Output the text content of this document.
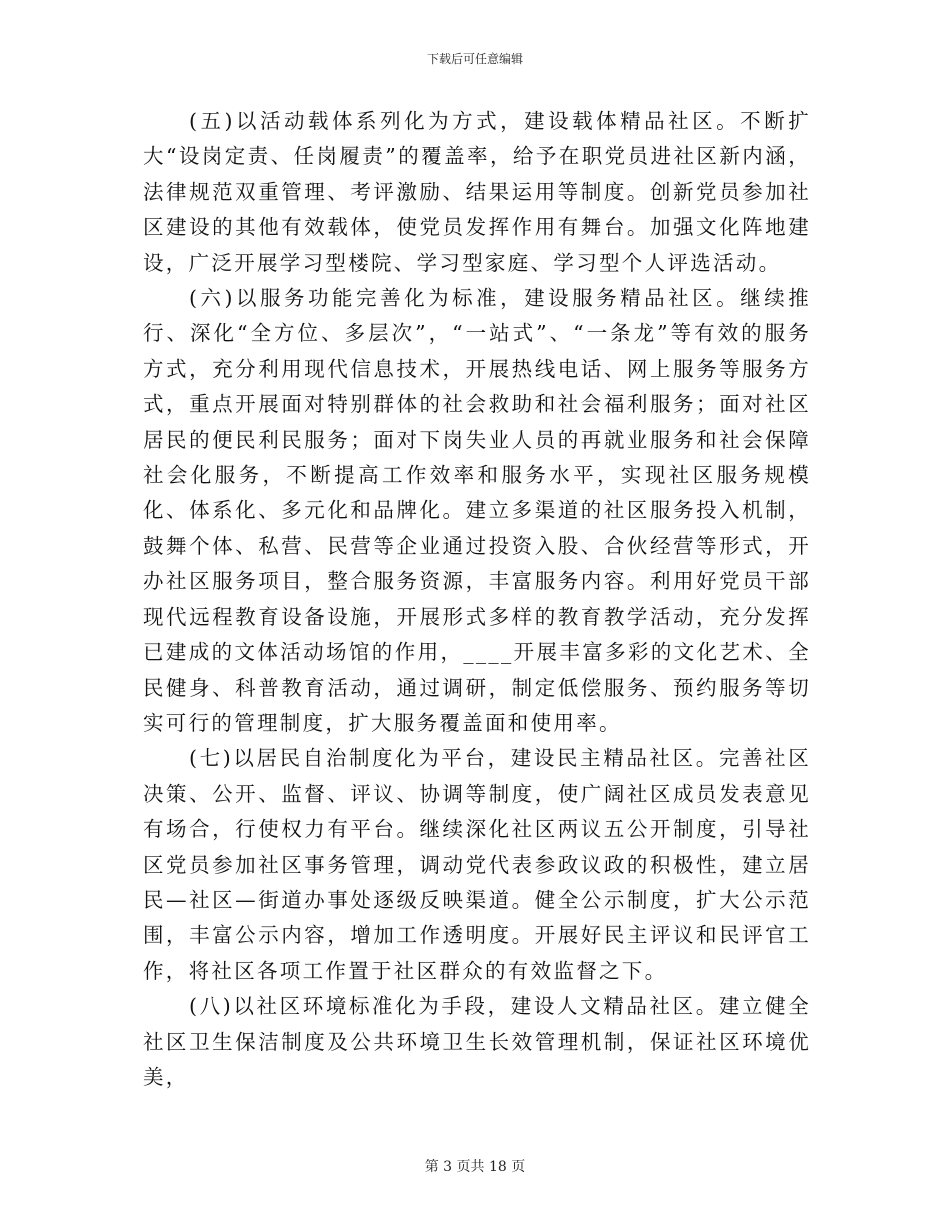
下载后可任意编辑

(五)以活动载体系列化为方式，建设载体精品社区。不断扩大“设岗定责、任岗履责”的覆盖率，给予在职党员进社区新内涵，法律规范双重管理、考评激励、结果运用等制度。创新党员参加社区建设的其他有效载体，使党员发挥作用有舞台。加强文化阵地建设，广泛开展学习型楼院、学习型家庭、学习型个人评选活动。

(六)以服务功能完善化为标准，建设服务精品社区。继续推行、深化“全方位、多层次”，“一站式”、“一条龙”等有效的服务方式，充分利用现代信息技术，开展热线电话、网上服务等服务方式，重点开展面对特别群体的社会救助和社会福利服务；面对社区居民的便民利民服务；面对下岗失业人员的再就业服务和社会保障社会化服务，不断提高工作效率和服务水平，实现社区服务规模化、体系化、多元化和品牌化。建立多渠道的社区服务投入机制，鼓舞个体、私营、民营等企业通过投资入股、合伙经营等形式，开办社区服务项目，整合服务资源，丰富服务内容。利用好党员干部现代远程教育设备设施，开展形式多样的教育教学活动，充分发挥已建成的文体活动场馆的作用，____开展丰富多彩的文化艺术、全民健身、科普教育活动，通过调研，制定低偿服务、预约服务等切实可行的管理制度，扩大服务覆盖面和使用率。

(七)以居民自治制度化为平台，建设民主精品社区。完善社区决策、公开、监督、评议、协调等制度，使广阔社区成员发表意见有场合，行使权力有平台。继续深化社区两议五公开制度，引导社区党员参加社区事务管理，调动党代表参政议政的积极性，建立居民—社区—街道办事处逐级反映渠道。健全公示制度，扩大公示范围，丰富公示内容，增加工作透明度。开展好民主评议和民评官工作，将社区各项工作置于社区群众的有效监督之下。

(八)以社区环境标准化为手段，建设人文精品社区。建立健全社区卫生保洁制度及公共环境卫生长效管理机制，保证社区环境优美，

第 3 页共 18 页
